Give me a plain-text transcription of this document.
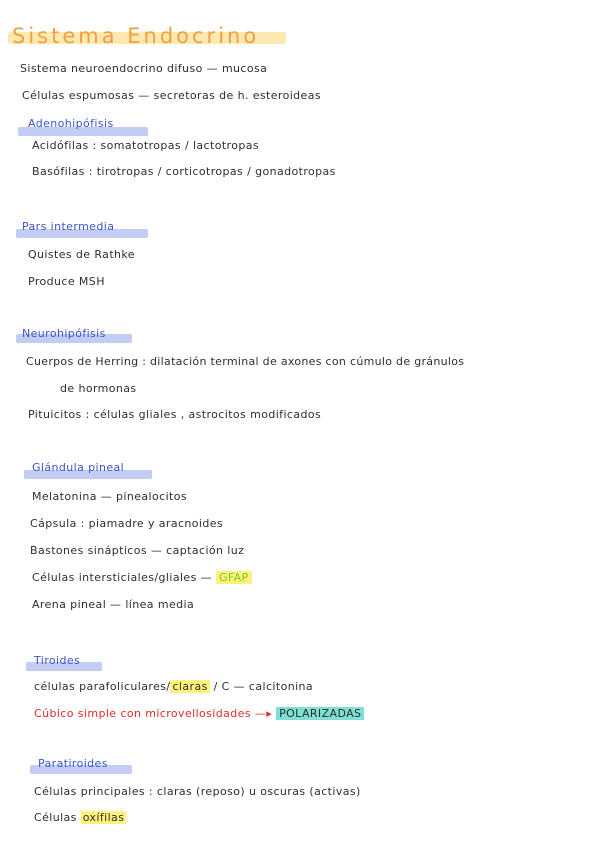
Sistema Endocrino
Sistema neuroendocrino difuso — mucosa
Células espumosas — secretoras de h. esteroideas
Adenohipófisis
Acidófilas : somatotropas / lactotropas
Basófilas : tirotropas / corticotropas / gonadotropas
Pars intermedia
Quistes de Rathke
Produce MSH
Neurohipófisis
Cuerpos de Herring : dilatación terminal de axones con cúmulo de gránulos
de hormonas
Pituicitos : células gliales , astrocitos modificados
Glándula pineal
Melatonina — pinealocitos
Cápsula : piamadre y aracnoides
Bastones sinápticos — captación luz
Células intersticiales/gliales — GFAP
Arena pineal — línea media
Tiroides
células parafoliculares/ claras / C — calcitonina
Cúbico simple con microvellosidades —▸ POLARIZADAS
Paratiroides
Células principales : claras (reposo) u oscuras (activas)
Células oxífilas
